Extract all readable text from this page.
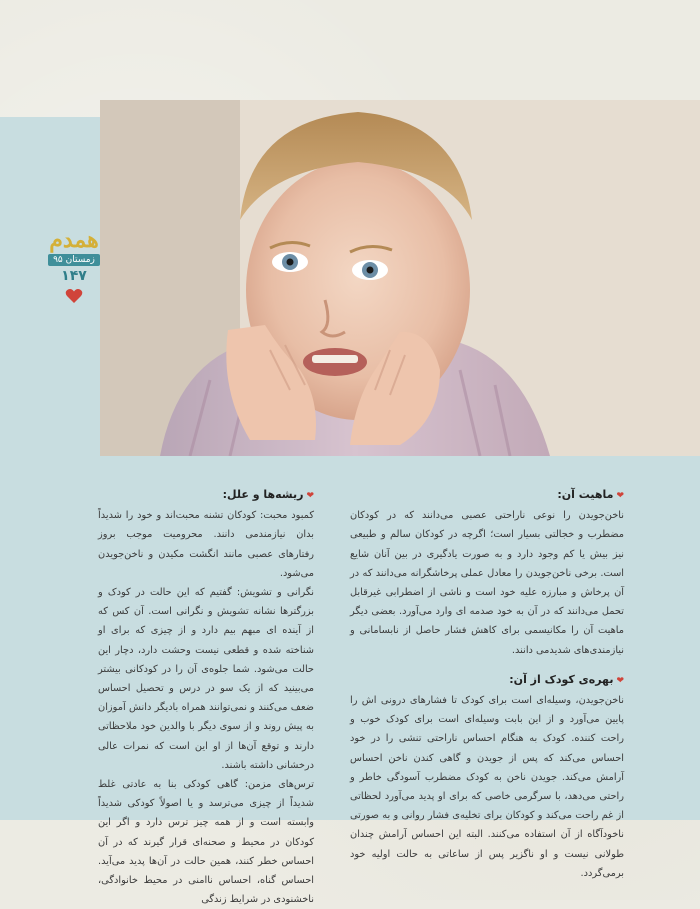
همدم
زمستان ۹۵
۱۴۷

❤ماهیت آن:

ناخن‌جویدن را نوعی ناراحتی عصبی می‌دانند که در کودکان مضطرب و خجالتی بسیار است؛ اگرچه در کودکان سالم و طبیعی نیز بیش یا کم وجود دارد و به صورت یادگیری در بین آنان شایع است. برخی ناخن‌جویدن را معادل عملی پرخاشگرانه می‌دانند که در آن پرخاش و مبارزه علیه خود است و ناشی از اضطرابی غیرقابل تحمل می‌دانند که در آن به خود صدمه ای وارد می‌آورد. بعضی دیگر ماهیت آن را مکانیسمی برای کاهش فشار حاصل از نابسامانی و نیازمندی‌های شدیدمی دانند.

❤بهره‌ی کودک از آن:

ناخن‌جویدن، وسیله‌ای است برای کودک تا فشارهای درونی اش را پایین می‌آورد و از این بابت وسیله‌ای است برای کودک خوب و راحت کننده. کودک به هنگام احساس ناراحتی تنشی را در خود احساس می‌کند که پس از جویدن و گاهی کندن ناخن احساس آرامش می‌کند. جویدن ناخن به کودک مضطرب آسودگی خاطر و راحتی می‌دهد، با سرگرمی خاصی که برای او پدید می‌آورد لحظاتی از غم راحت می‌کند و کودکان برای تخلیه‌ی فشار روانی و به صورتی ناخودآگاه از آن استفاده می‌کنند. البته این احساس آرامش چندان طولانی نیست و او ناگزیر پس از ساعاتی به حالت اولیه خود برمی‌گردد.

❤ریشه‌ها و علل:

کمبود محبت: کودکان تشنه محبت‌اند و خود را شدیداً بدان نیازمندمی دانند. محرومیت موجب بروز رفتارهای عصبی مانند انگشت مکیدن و ناخن‌جویدن می‌شود.

نگرانی و تشویش: گفتیم که این حالت در کودک و بزرگترها نشانه تشویش و نگرانی است. آن کس که از آینده ای مبهم بیم دارد و از چیزی که برای او شناخته شده و قطعی نیست وحشت دارد، دچار این حالت می‌شود. شما جلوه‌ی آن را در کودکانی بیشتر می‌بینید که از یک سو در درس و تحصیل احساس ضعف می‌کنند و نمی‌توانند همراه بادیگر دانش آموزان به پیش روند و از سوی دیگر با والدین خود ملاحظاتی دارند و توقع آن‌ها از او این است که نمرات عالی درخشانی داشته باشند.

ترس‌های مزمن: گاهی کودکی بنا به عادتی غلط شدیداً از چیزی می‌ترسد و یا اصولاً کودکی شدیداً وابسته است و از همه چیز ترس دارد و اگر این کودکان در محیط و صحنه‌ای قرار گیرند که در آن احساس خطر کنند، همین حالت در آن‌ها پدید می‌آید. احساس گناه، احساس ناامنی در محیط خانوادگی، ناخشنودی در شرایط زندگی
